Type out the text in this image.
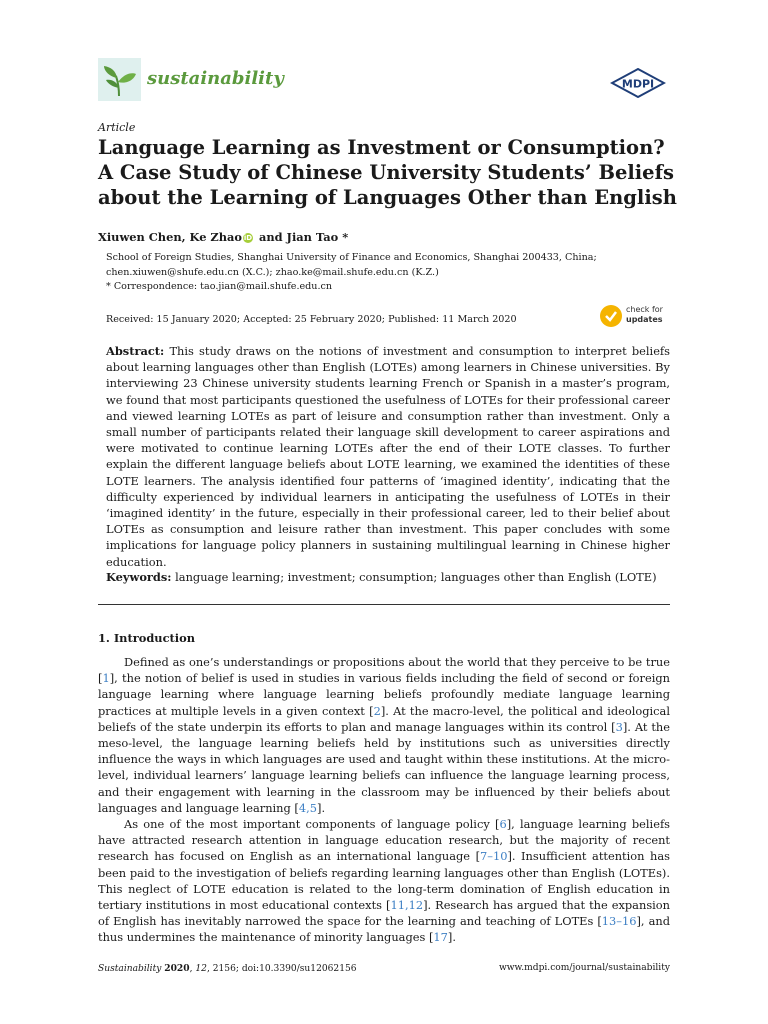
sustainability	MDPI
Article
Language Learning as Investment or Consumption?
A Case Study of Chinese University Students’ Beliefs
about the Learning of Languages Other than English
Xiuwen Chen, Ke Zhao iD and Jian Tao *
School of Foreign Studies, Shanghai University of Finance and Economics, Shanghai 200433, China;
chen.xiuwen@shufe.edu.cn (X.C.); zhao.ke@mail.shufe.edu.cn (K.Z.)
* Correspondence: tao.jian@mail.shufe.edu.cn
Received: 15 January 2020; Accepted: 25 February 2020; Published: 11 March 2020
check for
updates

Abstract: This study draws on the notions of investment and consumption to interpret beliefs about learning languages other than English (LOTEs) among learners in Chinese universities. By interviewing 23 Chinese university students learning French or Spanish in a master’s program, we found that most participants questioned the usefulness of LOTEs for their professional career and viewed learning LOTEs as part of leisure and consumption rather than investment. Only a small number of participants related their language skill development to career aspirations and were motivated to continue learning LOTEs after the end of their LOTE classes. To further explain the different language beliefs about LOTE learning, we examined the identities of these LOTE learners. The analysis identified four patterns of ‘imagined identity’, indicating that the difficulty experienced by individual learners in anticipating the usefulness of LOTEs in their ‘imagined identity’ in the future, especially in their professional career, led to their belief about LOTEs as consumption and leisure rather than investment. This paper concludes with some implications for language policy planners in sustaining multilingual learning in Chinese higher education.

Keywords: language learning; investment; consumption; languages other than English (LOTE)
1. Introduction

Defined as one’s understandings or propositions about the world that they perceive to be true [1], the notion of belief is used in studies in various fields including the field of second or foreign language learning where language learning beliefs profoundly mediate language learning practices at multiple levels in a given context [2]. At the macro-level, the political and ideological beliefs of the state underpin its efforts to plan and manage languages within its control [3]. At the meso-level, the language learning beliefs held by institutions such as universities directly influence the ways in which languages are used and taught within these institutions. At the micro-level, individual learners’ language learning beliefs can influence the language learning process, and their engagement with learning in the classroom may be influenced by their beliefs about languages and language learning [4,5].

As one of the most important components of language policy [6], language learning beliefs have attracted research attention in language education research, but the majority of recent research has focused on English as an international language [7–10]. Insufficient attention has been paid to the investigation of beliefs regarding learning languages other than English (LOTEs). This neglect of LOTE education is related to the long-term domination of English education in tertiary institutions in most educational contexts [11,12]. Research has argued that the expansion of English has inevitably narrowed the space for the learning and teaching of LOTEs [13–16], and thus undermines the maintenance of minority languages [17].

Sustainability 2020, 12, 2156; doi:10.3390/su12062156	www.mdpi.com/journal/sustainability
